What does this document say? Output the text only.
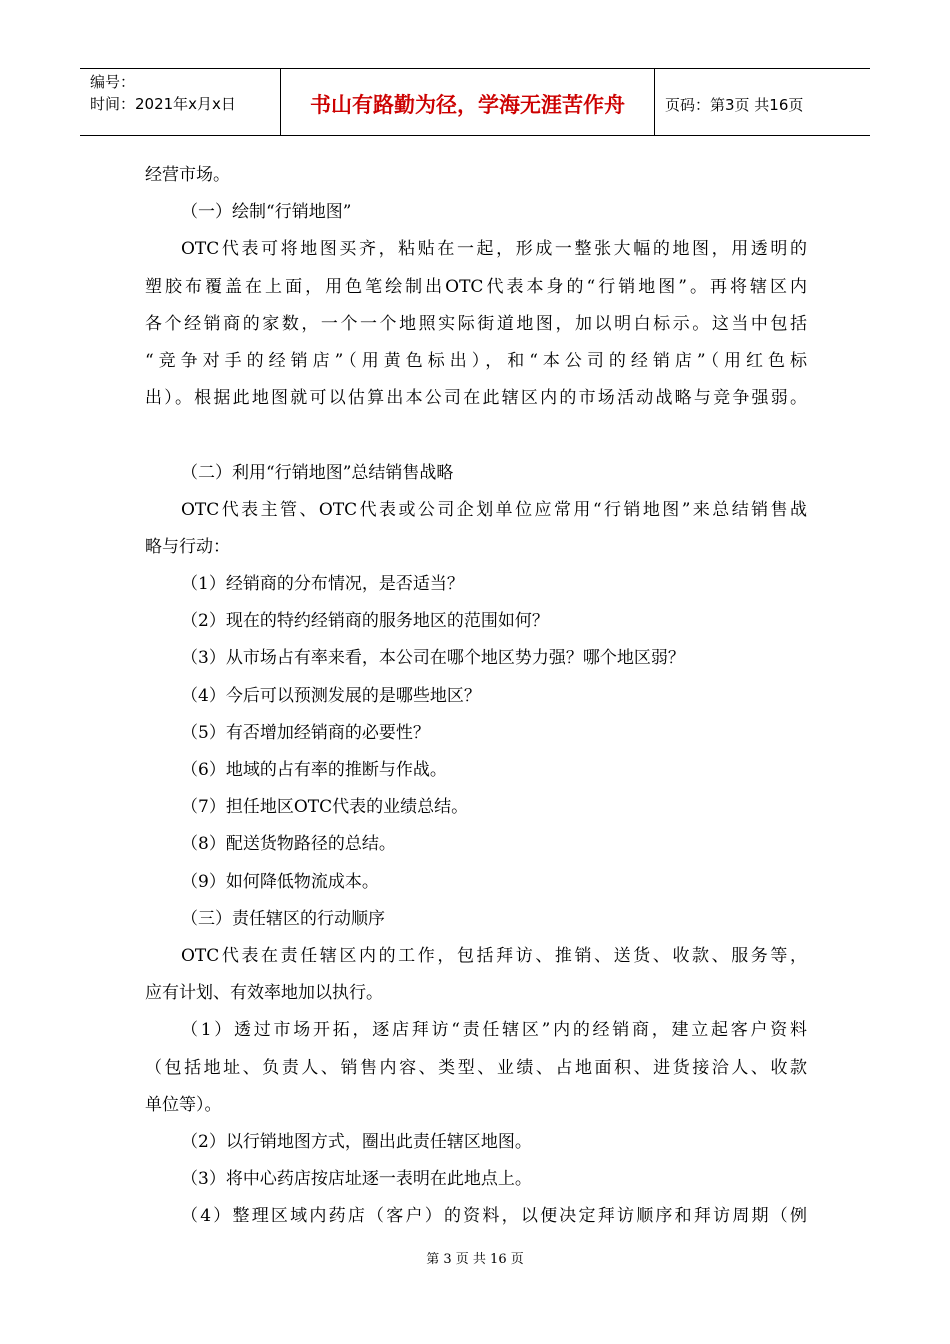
编号：
时间：2021年x月x日	书山有路勤为径，学海无涯苦作舟	页码：第3页 共16页
经营市场。
（一）绘制“行销地图”
OTC代表可将地图买齐，粘贴在一起，形成一整张大幅的地图，用透明的
塑胶布覆盖在上面，用色笔绘制出OTC代表本身的“行销地图”。再将辖区内
各个经销商的家数，一个一个地照实际街道地图，加以明白标示。这当中包括
“竞争对手的经销店”（用黄色标出），和“本公司的经销店”（用红色标
出）。根据此地图就可以估算出本公司在此辖区内的市场活动战略与竞争强弱。
（二）利用“行销地图”总结销售战略
OTC代表主管、OTC代表或公司企划单位应常用“行销地图”来总结销售战
略与行动：
（1）经销商的分布情况，是否适当？
（2）现在的特约经销商的服务地区的范围如何？
（3）从市场占有率来看，本公司在哪个地区势力强？哪个地区弱？
（4）今后可以预测发展的是哪些地区？
（5）有否增加经销商的必要性？
（6）地域的占有率的推断与作战。
（7）担任地区OTC代表的业绩总结。
（8）配送货物路径的总结。
（9）如何降低物流成本。
（三）责任辖区的行动顺序
OTC代表在责任辖区内的工作，包括拜访、推销、送货、收款、服务等，
应有计划、有效率地加以执行。
（1）透过市场开拓，逐店拜访“责任辖区”内的经销商，建立起客户资料
（包括地址、负责人、销售内容、类型、业绩、占地面积、进货接洽人、收款
单位等）。
（2）以行销地图方式，圈出此责任辖区地图。
（3）将中心药店按店址逐一表明在此地点上。
（4）整理区域内药店（客户）的资料，以便决定拜访顺序和拜访周期（例
第 3 页 共 16 页
